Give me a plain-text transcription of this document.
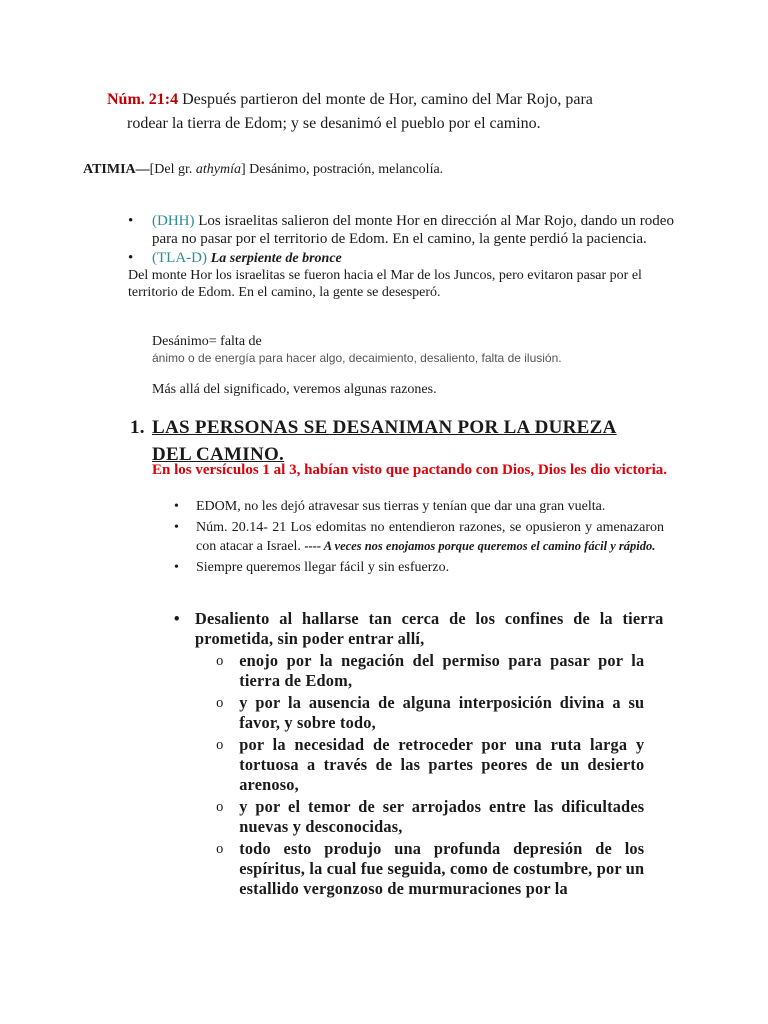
Núm. 21:4 Después partieron del monte de Hor, camino del Mar Rojo, para
rodear la tierra de Edom; y se desanimó el pueblo por el camino.
ATIMIA—[Del gr. athymía] Desánimo, postración, melancolía.
• (DHH) Los israelitas salieron del monte Hor en dirección al Mar Rojo, dando un rodeo para no pasar por el territorio de Edom. En el camino, la gente perdió la paciencia.
• (TLA-D) La serpiente de bronce
Del monte Hor los israelitas se fueron hacia el Mar de los Juncos, pero evitaron pasar por el territorio de Edom. En el camino, la gente se desesperó.
Desánimo= falta de
ánimo o de energía para hacer algo, decaimiento, desaliento, falta de ilusión.
Más allá del significado, veremos algunas razones.
1. LAS PERSONAS SE DESANIMAN POR LA DUREZA DEL CAMINO.
En los versículos 1 al 3, habían visto que pactando con Dios, Dios les dio victoria.
• EDOM, no les dejó atravesar sus tierras y tenían que dar una gran vuelta.
• Núm. 20.14- 21 Los edomitas no entendieron razones, se opusieron y amenazaron con atacar a Israel. ---- A veces nos enojamos porque queremos el camino fácil y rápido.
• Siempre queremos llegar fácil y sin esfuerzo.
• Desaliento al hallarse tan cerca de los confines de la tierra prometida, sin poder entrar allí,
o enojo por la negación del permiso para pasar por la tierra de Edom,
o y por la ausencia de alguna interposición divina a su favor, y sobre todo,
o por la necesidad de retroceder por una ruta larga y tortuosa a través de las partes peores de un desierto arenoso,
o y por el temor de ser arrojados entre las dificultades nuevas y desconocidas,
o todo esto produjo una profunda depresión de los espíritus, la cual fue seguida, como de costumbre, por un estallido vergonzoso de murmuraciones por la
